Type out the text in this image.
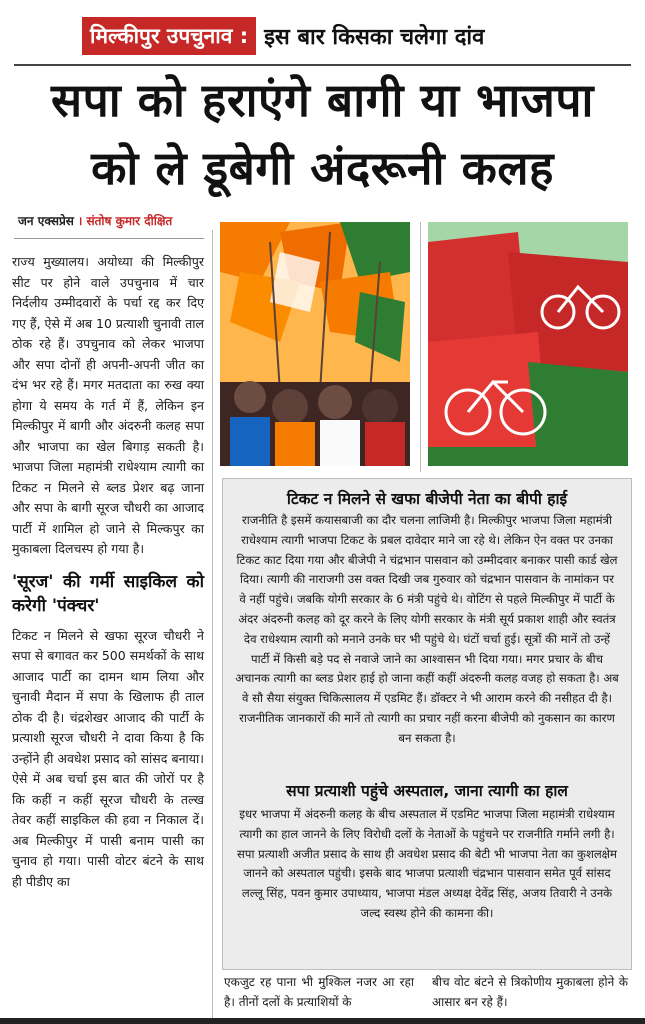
मिल्कीपुर उपचुनाव : इस बार किसका चलेगा दांव
सपा को हराएंगे बागी या भाजपा
को ले डूबेगी अंदरूनी कलह
जन एक्सप्रेस । संतोष कुमार दीक्षित

राज्य मुख्यालय। अयोध्या की मिल्कीपुर सीट पर होने वाले उपचुनाव में चार निर्दलीय उम्मीदवारों के पर्चा रद्द कर दिए गए हैं, ऐसे में अब 10 प्रत्याशी चुनावी ताल ठोक रहे हैं। उपचुनाव को लेकर भाजपा और सपा दोनों ही अपनी-अपनी जीत का दंभ भर रहे हैं। मगर मतदाता का रुख क्या होगा ये समय के गर्त में हैं, लेकिन इन मिल्कीपुर में बागी और अंदरुनी कलह सपा और भाजपा का खेल बिगाड़ सकती है। भाजपा जिला महामंत्री राधेश्याम त्यागी का टिकट न मिलने से ब्लड प्रेशर बढ़ जाना और सपा के बागी सूरज चौधरी का आजाद पार्टी में शामिल हो जाने से मिल्कपुर का मुकाबला दिलचस्प हो गया है।

'सूरज' की गर्मी साइकिल को करेगी 'पंक्चर'

टिकट न मिलने से खफा सूरज चौधरी ने सपा से बगावत कर 500 समर्थकों के साथ आजाद पार्टी का दामन थाम लिया और चुनावी मैदान में सपा के खिलाफ ही ताल ठोक दी है। चंद्रशेखर आजाद की पार्टी के प्रत्याशी सूरज चौधरी ने दावा किया है कि उन्होंने ही अवधेश प्रसाद को सांसद बनाया। ऐसे में अब चर्चा इस बात की जोरों पर है कि कहीं न कहीं सूरज चौधरी के तल्ख तेवर कहीं साइकिल की हवा न निकाल दें। अब मिल्कीपुर में पासी बनाम पासी का चुनाव हो गया। पासी वोटर बंटने के साथ ही पीडीए का

टिकट न मिलने से खफा बीजेपी नेता का बीपी हाई
राजनीति है इसमें कयासबाजी का दौर चलना लाजिमी है। मिल्कीपुर भाजपा जिला महामंत्री राधेश्याम त्यागी भाजपा टिकट के प्रबल दावेदार माने जा रहे थे। लेकिन ऐन वक्त पर उनका टिकट काट दिया गया और बीजेपी ने चंद्रभान पासवान को उम्मीदवार बनाकर पासी कार्ड खेल दिया। त्यागी की नाराजगी उस वक्त दिखी जब गुरुवार को चंद्रभान पासवान के नामांकन पर वे नहीं पहुंचे। जबकि योगी सरकार के 6 मंत्री पहुंचे थे। वोटिंग से पहले मिल्कीपुर में पार्टी के अंदर अंदरुनी कलह को दूर करने के लिए योगी सरकार के मंत्री सूर्य प्रकाश शाही और स्वतंत्र देव राधेश्याम त्यागी को मनाने उनके घर भी पहुंचे थे। घंटों चर्चा हुई। सूत्रों की मानें तो उन्हें पार्टी में किसी बड़े पद से नवाजे जाने का आश्वासन भी दिया गया। मगर प्रचार के बीच अचानक त्यागी का ब्लड प्रेशर हाई हो जाना कहीं कहीं अंदरुनी कलह वजह हो सकता है। अब वे सौ सैया संयुक्त चिकित्सालय में एडमिट हैं। डॉक्टर ने भी आराम करने की नसीहत दी है। राजनीतिक जानकारों की मानें तो त्यागी का प्रचार नहीं करना बीजेपी को नुकसान का कारण बन सकता है।
सपा प्रत्याशी पहुंचे अस्पताल, जाना त्यागी का हाल
इधर भाजपा में अंदरुनी कलह के बीच अस्पताल में एडमिट भाजपा जिला महामंत्री राधेश्याम त्यागी का हाल जानने के लिए विरोधी दलों के नेताओं के पहुंचने पर राजनीति गर्माने लगी है। सपा प्रत्याशी अजीत प्रसाद के साथ ही अवधेश प्रसाद की बेटी भी भाजपा नेता का कुशलक्षेम जानने को अस्पताल पहुंची। इसके बाद भाजपा प्रत्याशी चंद्रभान पासवान समेत पूर्व सांसद लल्लू सिंह, पवन कुमार उपाध्याय, भाजपा मंडल अध्यक्ष देवेंद्र सिंह, अजय तिवारी ने उनके जल्द स्वस्थ होने की कामना की।
एकजुट रह पाना भी मुश्किल नजर आ रहा है। तीनों दलों के प्रत्याशियों के
बीच वोट बंटने से त्रिकोणीय मुकाबला होने के आसार बन रहे हैं।
